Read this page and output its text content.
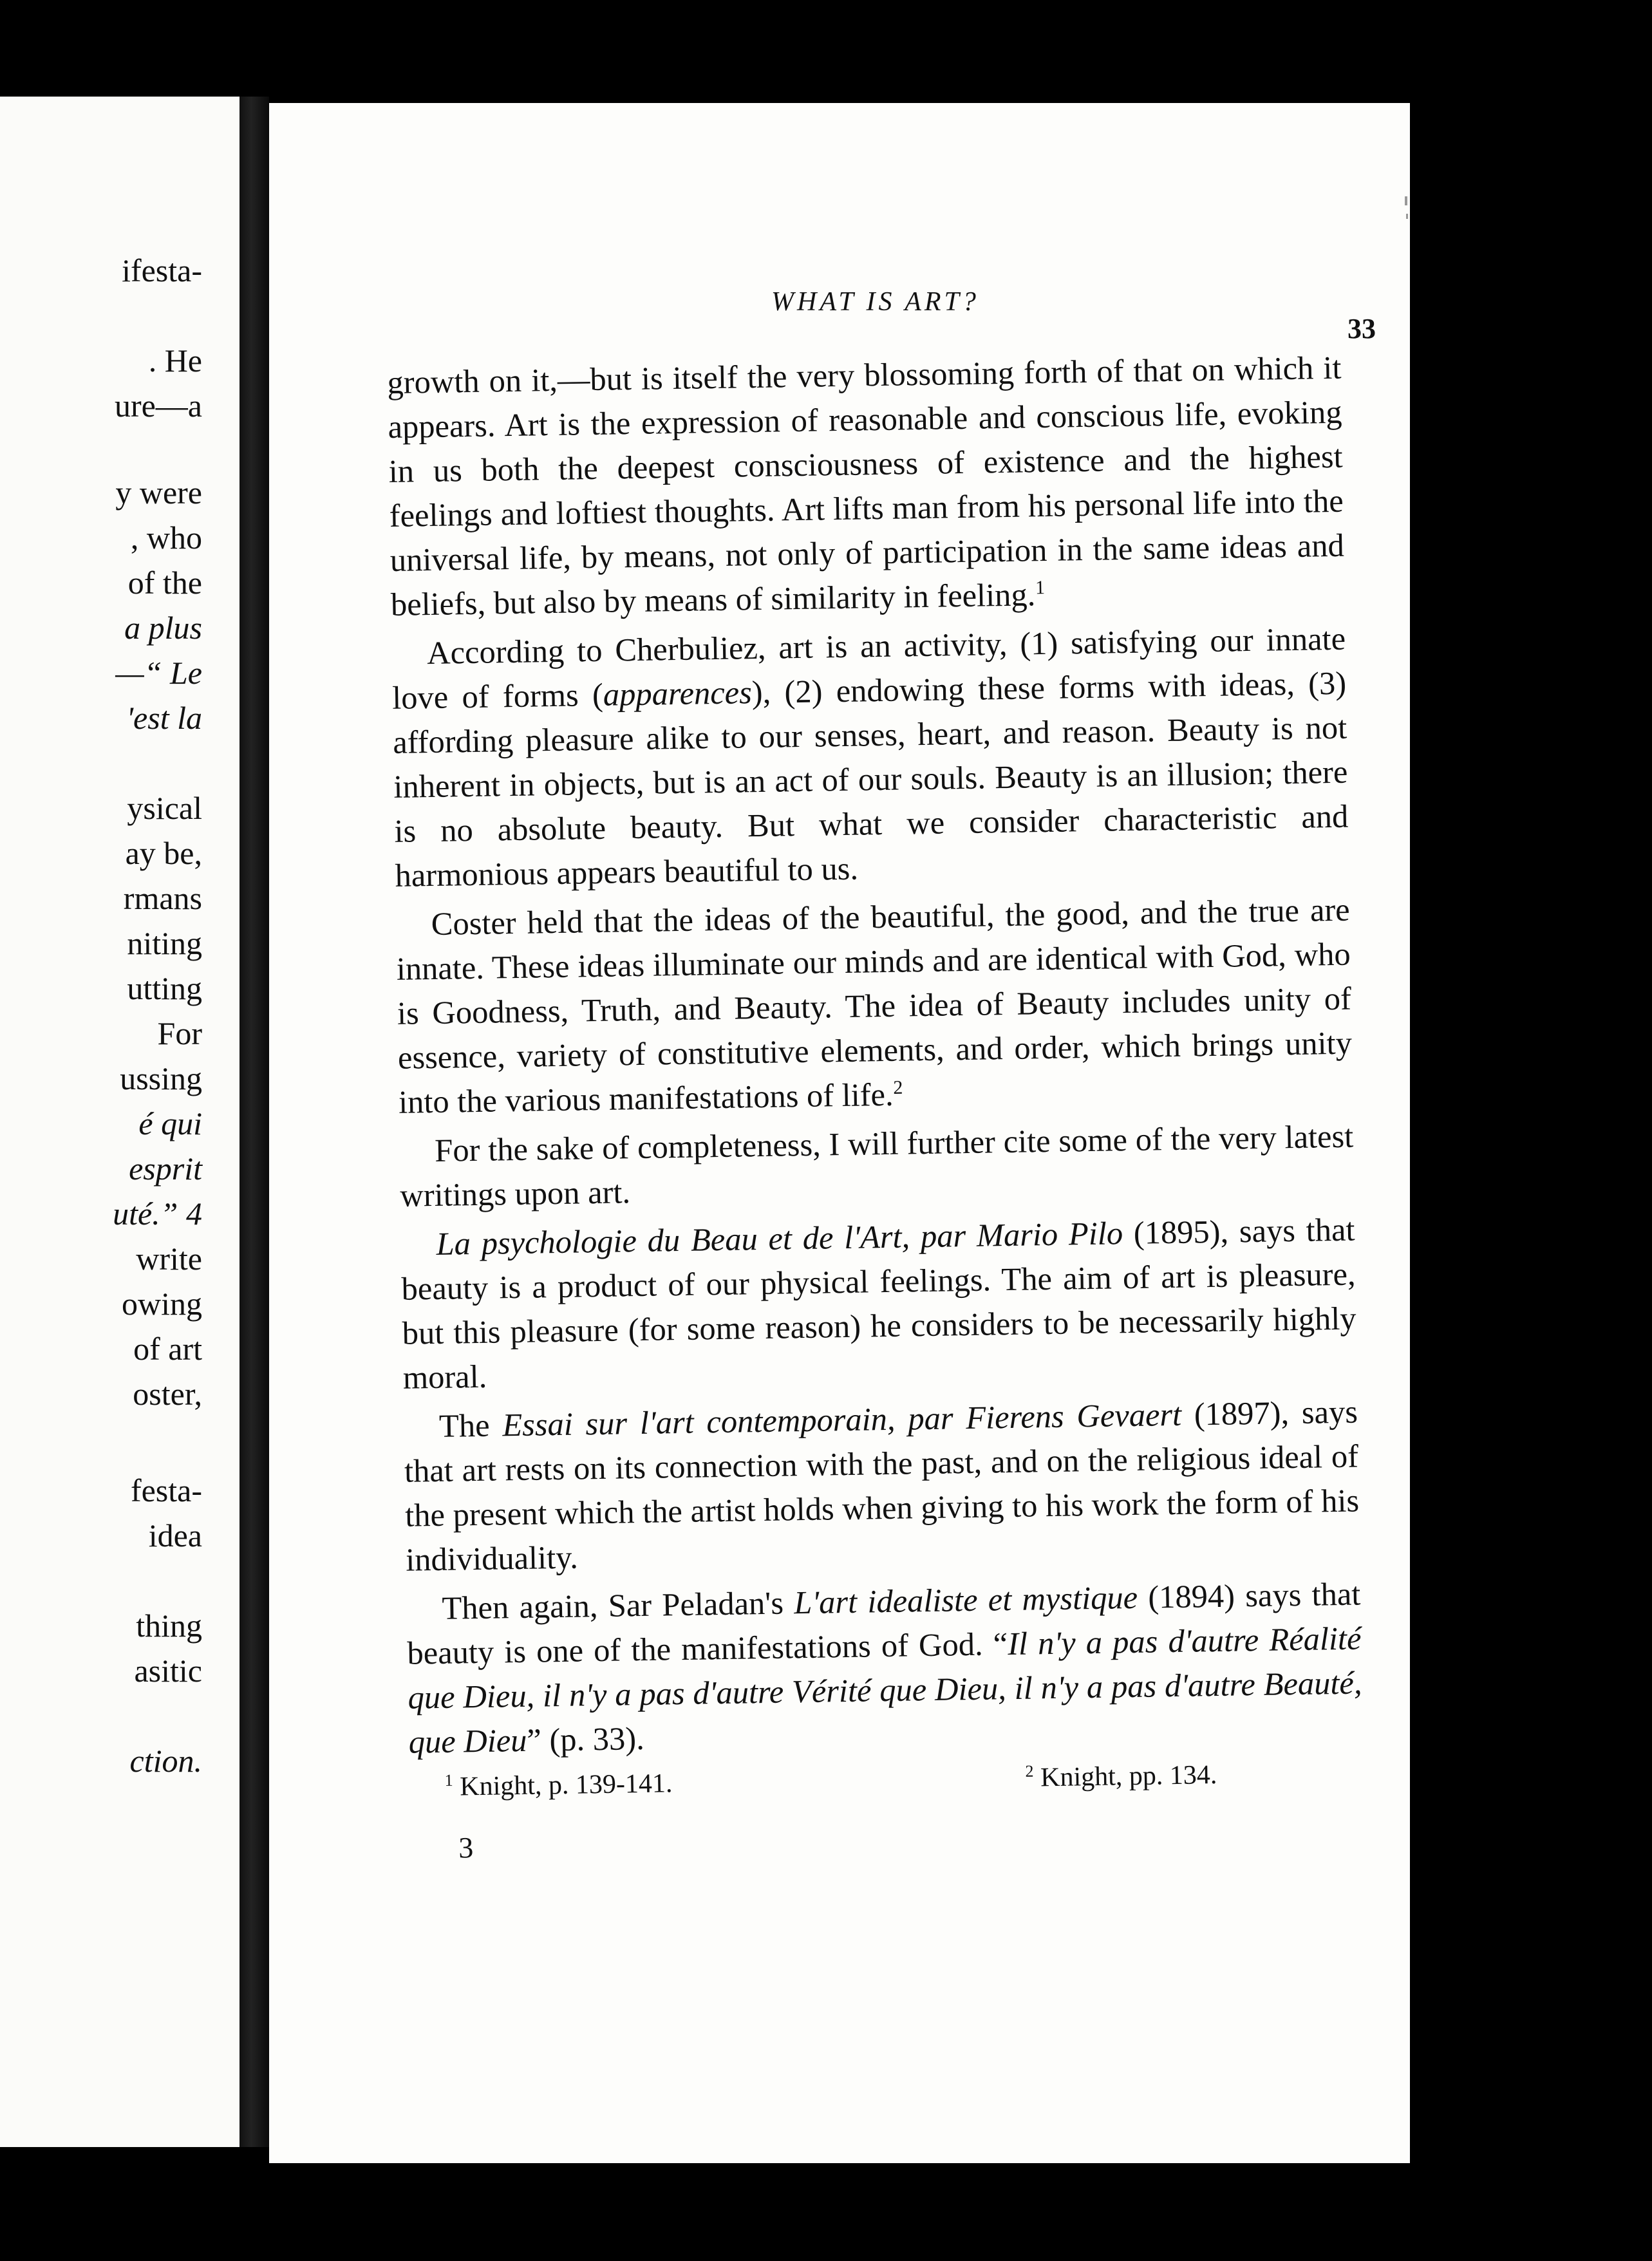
ifesta-
. He
ure—a
y were
, who
of the
a plus
—“ Le
'est la
ysical
ay be,
rmans
niting
utting
For
ussing
é qui
esprit
uté.” 4
write
owing
of art
oster,
festa-
idea
thing
asitic
ction.
WHAT IS ART?
33

growth on it,—but is itself the very blossoming forth of that on which it appears. Art is the expression of reasonable and conscious life, evoking in us both the deepest consciousness of existence and the highest feelings and loftiest thoughts. Art lifts man from his personal life into the universal life, by means, not only of participation in the same ideas and beliefs, but also by means of similarity in feeling.$^1$

According to Cherbuliez, art is an activity, (1) satisfying our innate love of forms (apparences), (2) endowing these forms with ideas, (3) affording pleasure alike to our senses, heart, and reason. Beauty is not inherent in objects, but is an act of our souls. Beauty is an illusion; there is no absolute beauty. But what we consider characteristic and harmonious appears beautiful to us.

Coster held that the ideas of the beautiful, the good, and the true are innate. These ideas illuminate our minds and are identical with God, who is Goodness, Truth, and Beauty. The idea of Beauty includes unity of essence, variety of constitutive elements, and order, which brings unity into the various manifestations of life.$^2$

For the sake of completeness, I will further cite some of the very latest writings upon art.

La psychologie du Beau et de l'Art, par Mario Pilo (1895), says that beauty is a product of our physical feelings. The aim of art is pleasure, but this pleasure (for some reason) he considers to be necessarily highly moral.

The Essai sur l'art contemporain, par Fierens Gevaert (1897), says that art rests on its connection with the past, and on the religious ideal of the present which the artist holds when giving to his work the form of his individuality.

Then again, Sar Peladan's L'art idealiste et mystique (1894) says that beauty is one of the manifestations of God. “Il n'y a pas d'autre Réalité que Dieu, il n'y a pas d'autre Vérité que Dieu, il n'y a pas d'autre Beauté, que Dieu” (p. 33).

$^1$ Knight, p. 139-141.	$^2$ Knight, pp. 134.
3
